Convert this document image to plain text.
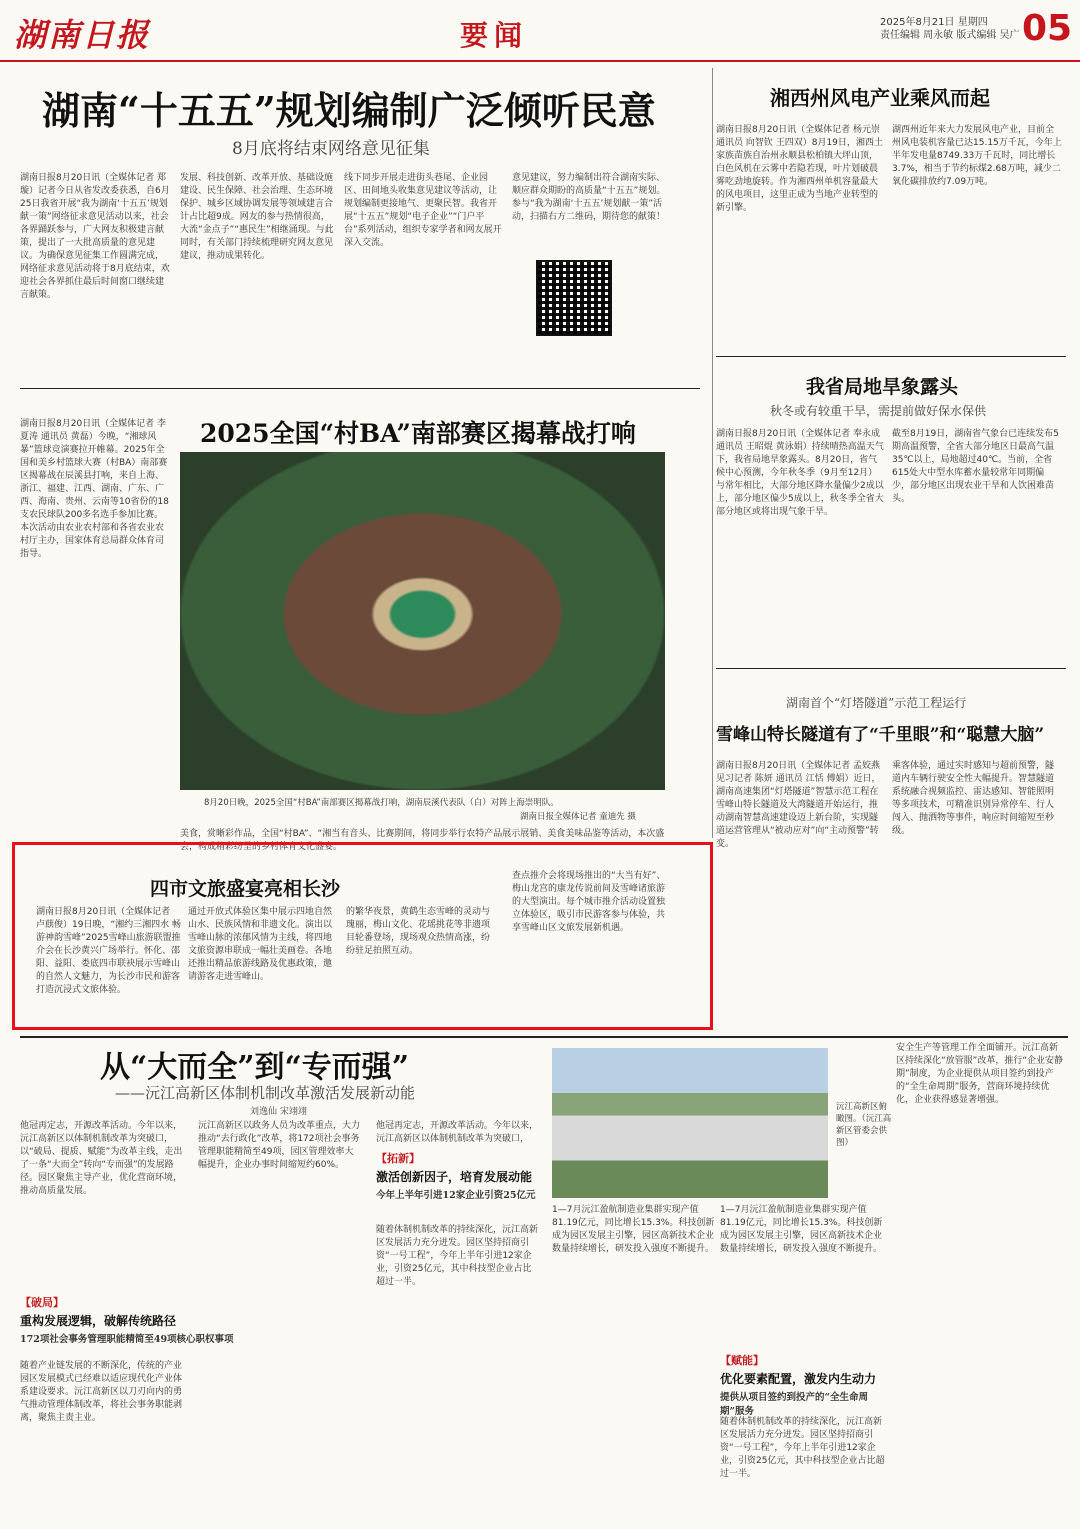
湖南日报	要闻	2025年8月21日 星期四
责任编辑 周永敏 版式编辑 吴广 05
湖南“十五五”规划编制广泛倾听民意
8月底将结束网络意见征集
湖南日报8月20日讯（全媒体记者 郑璇）记者今日从省发改委获悉，自6月25日我省开展“我为湖南‘十五五’规划献一策”网络征求意见活动以来，社会各界踊跃参与，广大网友积极建言献策，提出了一大批高质量的意见建议。为确保意见征集工作圆满完成，网络征求意见活动将于8月底结束，欢迎社会各界抓住最后时间窗口继续建言献策。
发展、科技创新、改革开放、基础设施建设、民生保障、社会治理、生态环境保护、城乡区域协调发展等领域建言合计占比超9成。网友的参与热情很高，大流“金点子”“惠民生”相继涌现。与此同时，有关部门持续梳理研究网友意见建议，推动成果转化。
线下同步开展走进街头巷尾、企业园区、田间地头收集意见建议等活动，让规划编制更接地气、更聚民智。我省开展“十五五”规划“电子企业”“门户平台”系列活动，组织专家学者和网友展开深入交流。
意见建议，努力编制出符合湖南实际、顺应群众期盼的高质量“十五五”规划。参与“我为湖南‘十五五’规划献一策”活动，扫描右方二维码，期待您的献策！
2025全国“村BA”南部赛区揭幕战打响
湖南日报8月20日讯（全媒体记者 李夏涛 通讯员 黄磊）今晚，“湘球风暴”篮球竞演赛拉开帷幕。2025年全国和美乡村篮球大赛（村BA）南部赛区揭幕战在辰溪县打响，来自上海、浙江、福建、江西、湖南、广东、广西、海南、贵州、云南等10省份的18支农民球队200多名选手参加比赛。本次活动由农业农村部和各省农业农村厅主办，国家体育总局群众体育司指导。
8月20日晚，2025全国“村BA”南部赛区揭幕战打响，湖南辰溪代表队（白）对阵上海崇明队。
湖南日报全媒体记者 童迪先 摄
美食，赏晰彩作品，全国“村BA”、“湘当有音头、比赛期间，将同步举行农特产品展示展销、美食美味品鉴等活动，本次盛会，构成精彩纷呈的乡村体育文化盛宴。
湘西州风电产业乘风而起
湖南日报8月20日讯（全媒体记者 杨元崇 通讯员 向智钦 王四双）8月19日，湘西土家族苗族自治州永顺县松柏镇大坪山顶，白色风机在云雾中若隐若现，叶片划破晨雾吃劲地旋转。作为湘西州单机容量最大的风电项目，这里正成为当地产业转型的新引擎。
湖西州近年来大力发展风电产业，目前全州风电装机容量已达15.15万千瓦，今年上半年发电量8749.33万千瓦时，同比增长3.7%，相当于节约标煤2.68万吨，减少二氧化碳排放约7.09万吨。
我省局地旱象露头
秋冬或有较重干旱，需提前做好保水保供
湖南日报8月20日讯（全媒体记者 奉永成 通讯员 王昭焜 黄泳娟）持续晴热高温天气下，我省局地旱象露头。8月20日，省气候中心预测，今年秋冬季（9月至12月）与常年相比，大部分地区降水量偏少2成以上，部分地区偏少5成以上，秋冬季全省大部分地区或将出现气象干旱。
截至8月19日，湖南省气象台已连续发布5期高温预警，全省大部分地区日最高气温35℃以上，局地超过40℃。当前，全省615处大中型水库蓄水量较常年同期偏少，部分地区出现农业干旱和人饮困难苗头。
湖南首个“灯塔隧道”示范工程运行
雪峰山特长隧道有了“千里眼”和“聪慧大脑”
湖南日报8月20日讯（全媒体记者 孟姣燕 见习记者 陈妍 通讯员 江恬 傅娟）近日，湖南高速集团“灯塔隧道”智慧示范工程在雪峰山特长隧道及大湾隧道开始运行，推动湖南智慧高速建设迈上新台阶，实现隧道运营管理从“被动应对”向“主动预警”转变。
乘客体验，通过实时感知与超前预警，隧道内车辆行驶安全性大幅提升。智慧隧道系统融合视频监控、雷达感知、智能照明等多项技术，可精准识别异常停车、行人闯入、抛洒物等事件，响应时间缩短至秒级。
四市文旅盛宴亮相长沙
湖南日报8月20日讯（全媒体记者 卢蕻俊）19日晚，“湘约三湘四水 畅游神韵雪峰”2025雪峰山旅游联盟推介会在长沙黄兴广场举行。怀化、邵阳、益阳、娄底四市联袂展示雪峰山的自然人文魅力，为长沙市民和游客打造沉浸式文旅体验。
通过开放式体验区集中展示四地自然山水、民族风情和非遗文化。演出以雪峰山脉的浓郁风情为主线，将四地文旅资源串联成一幅壮美画卷。各地还推出精品旅游线路及优惠政策，邀请游客走进雪峰山。
的繁华夜景，黄鹤生态雪峰的灵动与瑰丽，梅山文化、花瑶挑花等非遗项目轮番登场，现场观众热情高涨，纷纷驻足拍照互动。
查点推介会将现场推出的“大当有好”、梅山龙宫的康龙传说前间及雪峰诸旅游的大型演出。每个城市推介活动设置独立体验区，吸引市民游客参与体验，共享雪峰山区文旅发展新机遇。
从“大而全”到“专而强”
——沅江高新区体制机制改革激活发展新动能
刘逸仙 宋翊翊
他冠再定志，开源改革活动。今年以来，沅江高新区以体制机制改革为突破口，以“破局、提质、赋能”为改革主线，走出了一条“大而全”转向“专而强”的发展路径。园区聚焦主导产业，优化营商环境，推动高质量发展。
【破局】
重构发展逻辑，破解传统路径
172项社会事务管理职能精简至49项核心职权事项
随着产业链发展的不断深化，传统的产业园区发展模式已经难以适应现代化产业体系建设要求。沅江高新区以刀刃向内的勇气推动管理体制改革，将社会事务职能剥离，聚焦主责主业。
沅江高新区以政务人员为改革重点，大力推动“去行政化”改革，将172项社会事务管理职能精简至49项，园区管理效率大幅提升，企业办事时间缩短约60%。	【拓新】
激活创新因子，培育发展动能
今年上半年引进12家企业引资25亿元
他冠再定志，开源改革活动。今年以来，沅江高新区以体制机制改革为突破口，
随着体制机制改革的持续深化，沅江高新区发展活力充分迸发。园区坚持招商引资“一号工程”，今年上半年引进12家企业，引资25亿元，其中科技型企业占比超过一半。
沅江高新区俯瞰图。（沅江高新区管委会供图）
1—7月沅江盈航制造业集群实现产值81.19亿元，同比增长15.3%。科技创新成为园区发展主引擎，园区高新技术企业数量持续增长，研发投入强度不断提升。
【赋能】
优化要素配置，激发内生动力
提供从项目签约到投产的“全生命周期”服务
1—7月沅江盈航制造业集群实现产值81.19亿元，同比增长15.3%。科技创新成为园区发展主引擎，园区高新技术企业数量持续增长，研发投入强度不断提升。
随着体制机制改革的持续深化，沅江高新区发展活力充分迸发。园区坚持招商引资“一号工程”，今年上半年引进12家企业，引资25亿元，其中科技型企业占比超过一半。
安全生产等管理工作全面铺开。沅江高新区持续深化“放管服”改革，推行“企业安静期”制度，为企业提供从项目签约到投产的“全生命周期”服务，营商环境持续优化，企业获得感显著增强。
